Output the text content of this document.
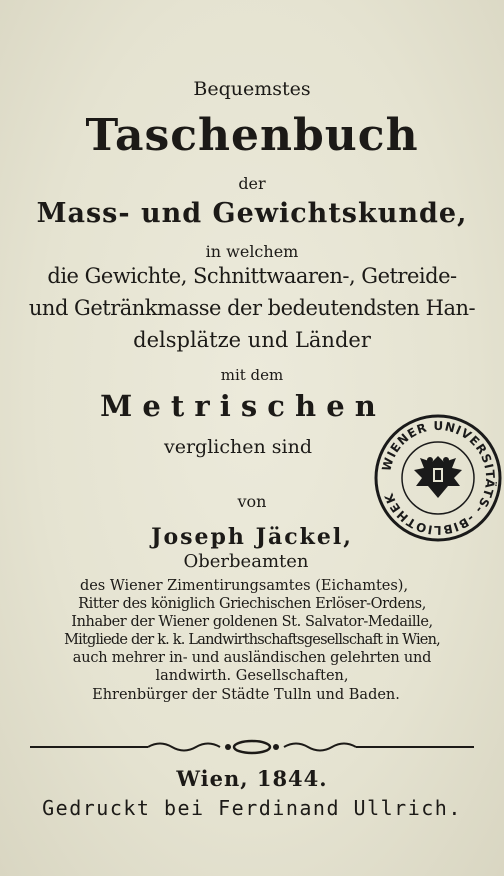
Bequemstes
Taschenbuch
der
Mass- und Gewichtskunde,
in welchem
die Gewichte, Schnittwaaren-, Getreide-
und Getränkmasse der bedeutendsten Han-
delsplätze und Länder
mit dem
M e t r i s c h e n
verglichen sind
von
Joseph Jäckel,
Oberbeamten
des Wiener Zimentirungsamtes (Eichamtes),
Ritter des königlich Griechischen Erlöser-Ordens,
Inhaber der Wiener goldenen St. Salvator-Medaille,
Mitgliede der k. k. Landwirthschaftsgesellschaft in Wien,
auch mehrer in- und ausländischen gelehrten und
landwirth. Gesellschaften,
Ehrenbürger der Städte Tulln und Baden.
Wien, 1844.
Gedruckt bei Ferdinand Ullrich.
WIENER UNIVERSITÄTS- -BIBLIOTHEK
